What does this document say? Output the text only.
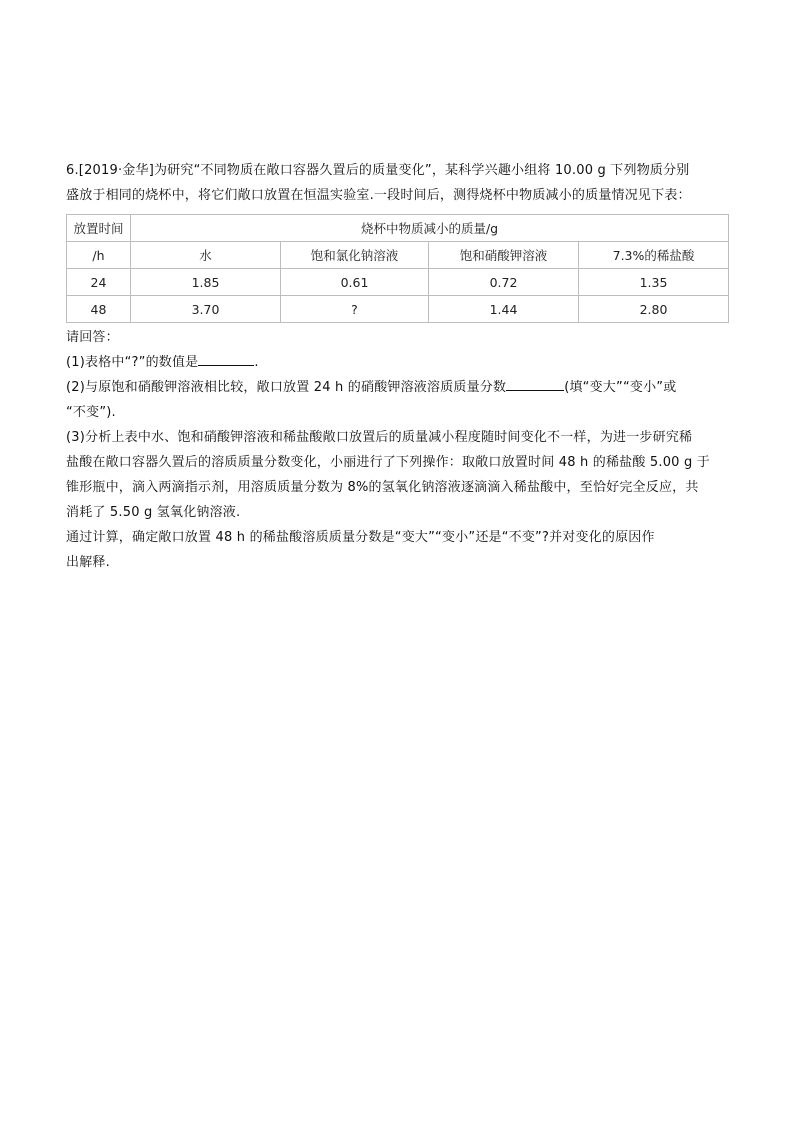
6.[2019·金华]为研究“不同物质在敞口容器久置后的质量变化”，某科学兴趣小组将 10.00 g 下列物质分别

盛放于相同的烧杯中，将它们敞口放置在恒温实验室.一段时间后，测得烧杯中物质减小的质量情况见下表：

放置时间	烧杯中物质减小的质量/g			
/h	水	饱和氯化钠溶液	饱和硝酸钾溶液	7.3%的稀盐酸
24	1.85	0.61	0.72	1.35
48	3.70	?	1.44	2.80

请回答：

(1)表格中“?”的数值是	.

(2)与原饱和硝酸钾溶液相比较，敞口放置 24 h 的硝酸钾溶液溶质质量分数	(填“变大”“变小”或

“不变”).

(3)分析上表中水、饱和硝酸钾溶液和稀盐酸敞口放置后的质量减小程度随时间变化不一样，为进一步研究稀

盐酸在敞口容器久置后的溶质质量分数变化，小丽进行了下列操作：取敞口放置时间 48 h 的稀盐酸 5.00 g 于

锥形瓶中，滴入两滴指示剂，用溶质质量分数为 8%的氢氧化钠溶液逐滴滴入稀盐酸中，至恰好完全反应，共

消耗了 5.50 g 氢氧化钠溶液.

通过计算，确定敞口放置 48 h 的稀盐酸溶质质量分数是“变大”“变小”还是“不变”?并对变化的原因作

出解释.
